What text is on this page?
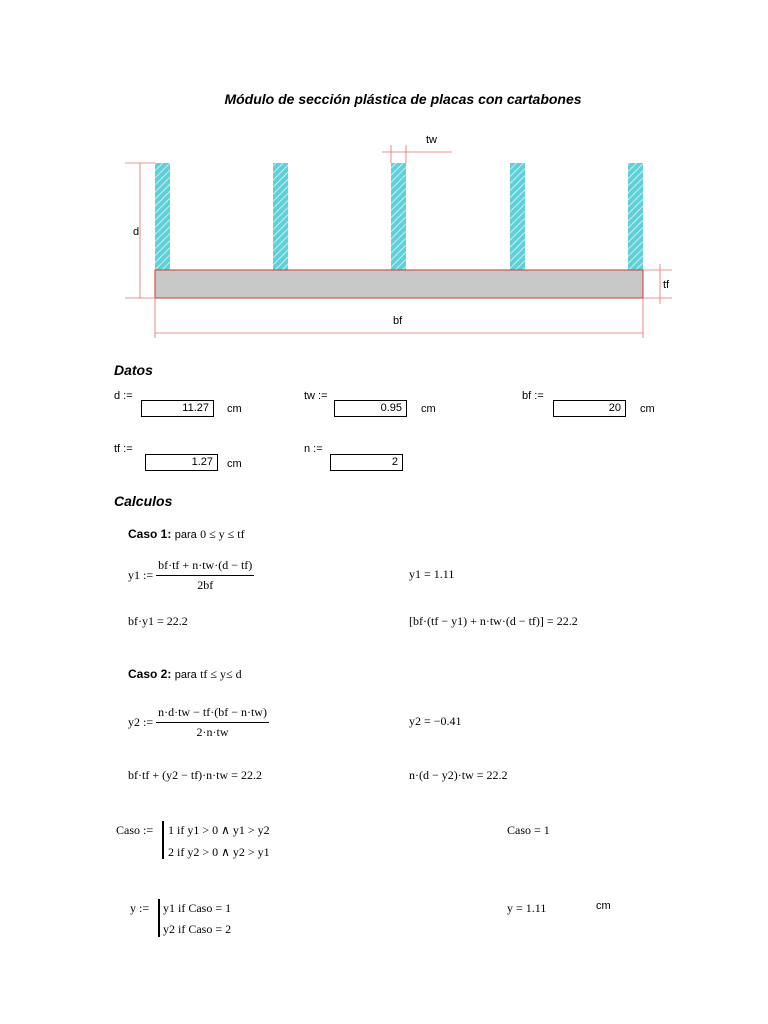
Módulo de sección plástica de placas con cartabones
d
tw
tf
bf
Datos
d :=
11.27	cm
tw :=
0.95	cm
bf :=
20	cm
tf :=
1.27	cm
n :=
2
Calculos
Caso 1: para 0 ≤ y ≤ tf
y1 := $\frac{bf\cdot tf + n\cdot tw\cdot(d - tf)}{2bf}$	y1 = 1.11
bf·y1 = 22.2	[bf·(tf − y1) + n·tw·(d − tf)] = 22.2
Caso 2: para tf ≤ y≤ d
y2 := $\frac{n\cdot d\cdot tw - tf\cdot(bf - n\cdot tw)}{2\cdot n\cdot tw}$	y2 = −0.41
bf·tf + (y2 − tf)·n·tw = 22.2	n·(d − y2)·tw = 22.2
Caso := 1 if y1 > 0 ∧ y1 > y2
2 if y2 > 0 ∧ y2 > y1
Caso = 1
y := y1 if Caso = 1
y2 if Caso = 2
y = 1.11	cm
